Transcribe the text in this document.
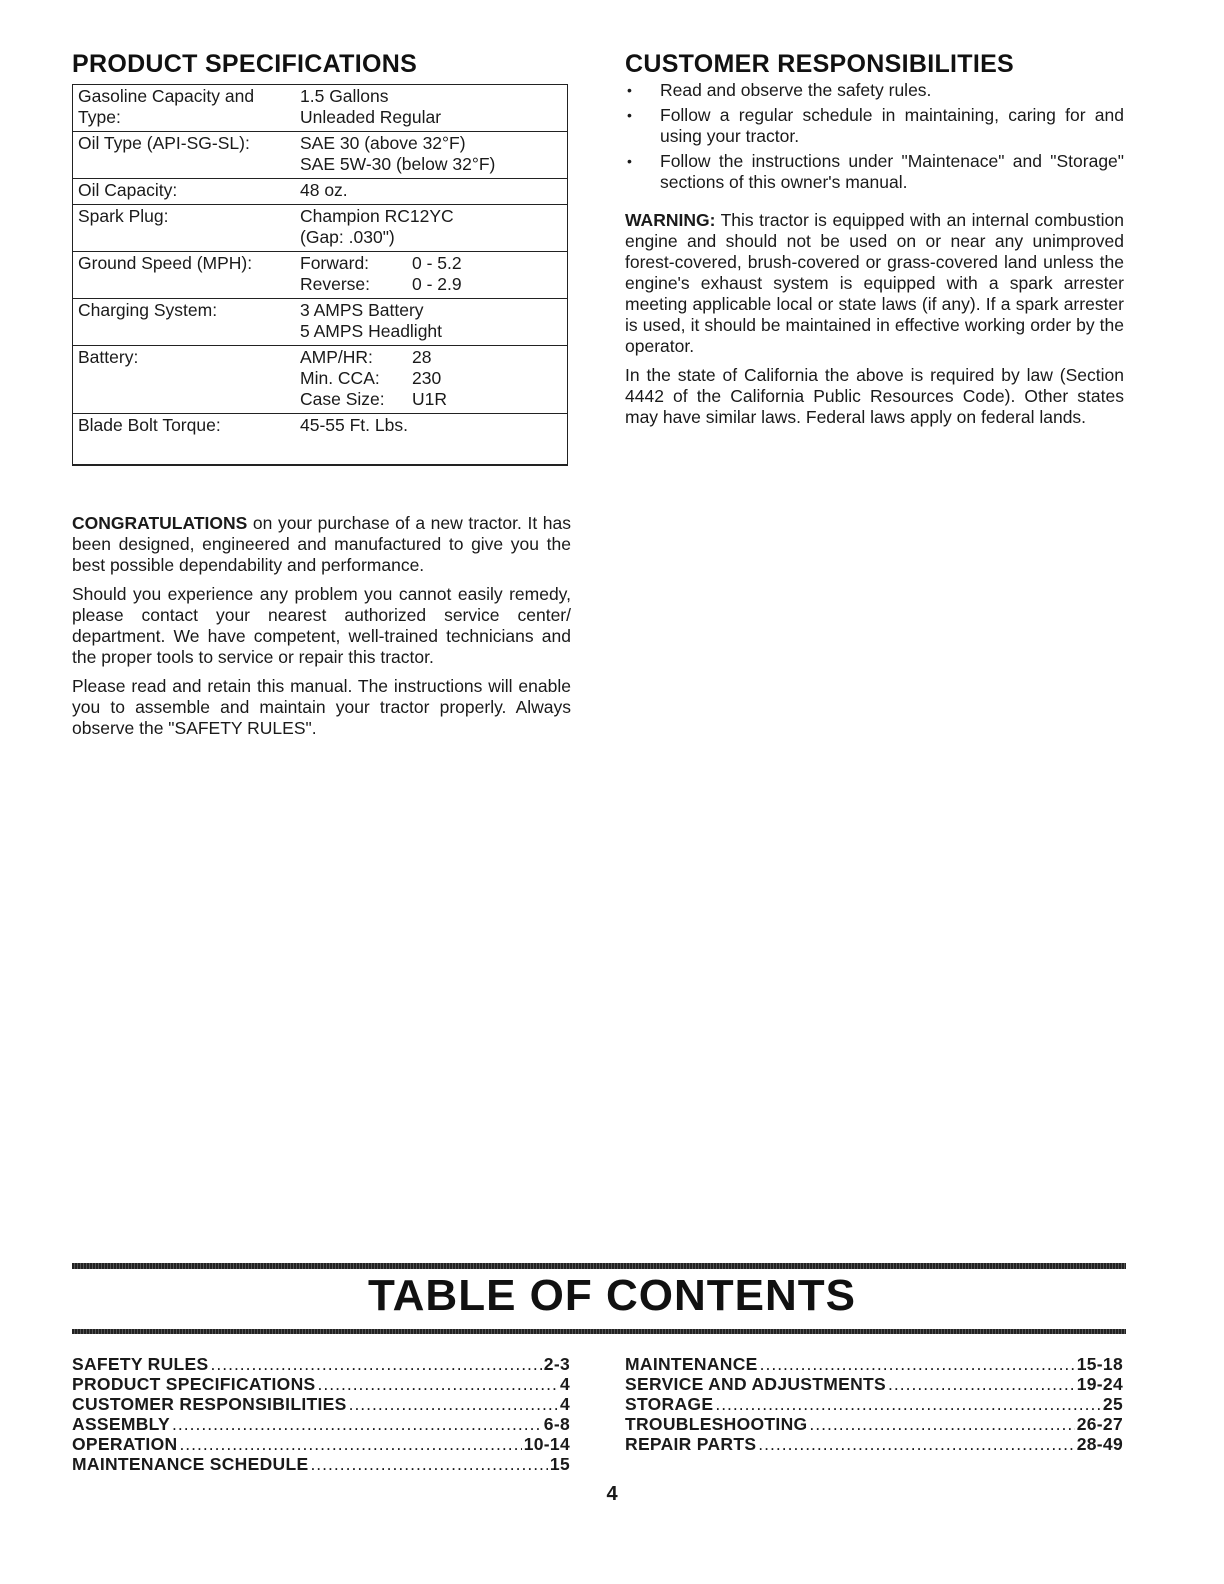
PRODUCT SPECIFICATIONS
Gasoline Capacity and Type:
1.5 Gallons
Unleaded Regular
Oil Type (API-SG-SL):	SAE 30 (above 32°F)
SAE 5W-30 (below 32°F)
Oil Capacity:	48 oz.
Spark Plug:	Champion RC12YC
(Gap: .030")
Ground Speed (MPH):	Forward:	0 - 5.2
Reverse:	0 - 2.9
Charging System:	3 AMPS Battery
5 AMPS Headlight
Battery:	AMP/HR:	28
Min. CCA:	230
Case Size:	U1R
Blade Bolt Torque:	45-55 Ft. Lbs.

CONGRATULATIONS on your purchase of a new tractor. It has been designed, engineered and manufactured to give you the best possible dependability and performance.

Should you experience any problem you cannot easily remedy, please contact your nearest authorized service center/ department. We have competent, well-trained technicians and the proper tools to service or repair this tractor.

Please read and retain this manual. The instructions will enable you to assemble and maintain your tractor properly. Always observe the "SAFETY RULES".

CUSTOMER RESPONSIBILITIES
• Read and observe the safety rules.
• Follow a regular schedule in maintaining, caring for and using your tractor.
• Follow the instructions under "Maintenace" and "Storage" sections of this owner's manual.

WARNING: This tractor is equipped with an internal combustion engine and should not be used on or near any unimproved forest-covered, brush-covered or grass-covered land unless the engine's exhaust system is equipped with a spark arrester meeting applicable local or state laws (if any). If a spark arrester is used, it should be maintained in effective working order by the operator.

In the state of California the above is required by law (Section 4442 of the California Public Resources Code). Other states may have similar laws. Federal laws apply on federal lands.

TABLE OF CONTENTS
SAFETY RULES .....	2-3
PRODUCT SPECIFICATIONS .....	4
CUSTOMER RESPONSIBILITIES .....	4
ASSEMBLY .....	6-8
OPERATION .....	10-14
MAINTENANCE SCHEDULE .....	15
MAINTENANCE .....	15-18
SERVICE AND ADJUSTMENTS .....	19-24
STORAGE .....	25
TROUBLESHOOTING .....	26-27
REPAIR PARTS .....	28-49
4
